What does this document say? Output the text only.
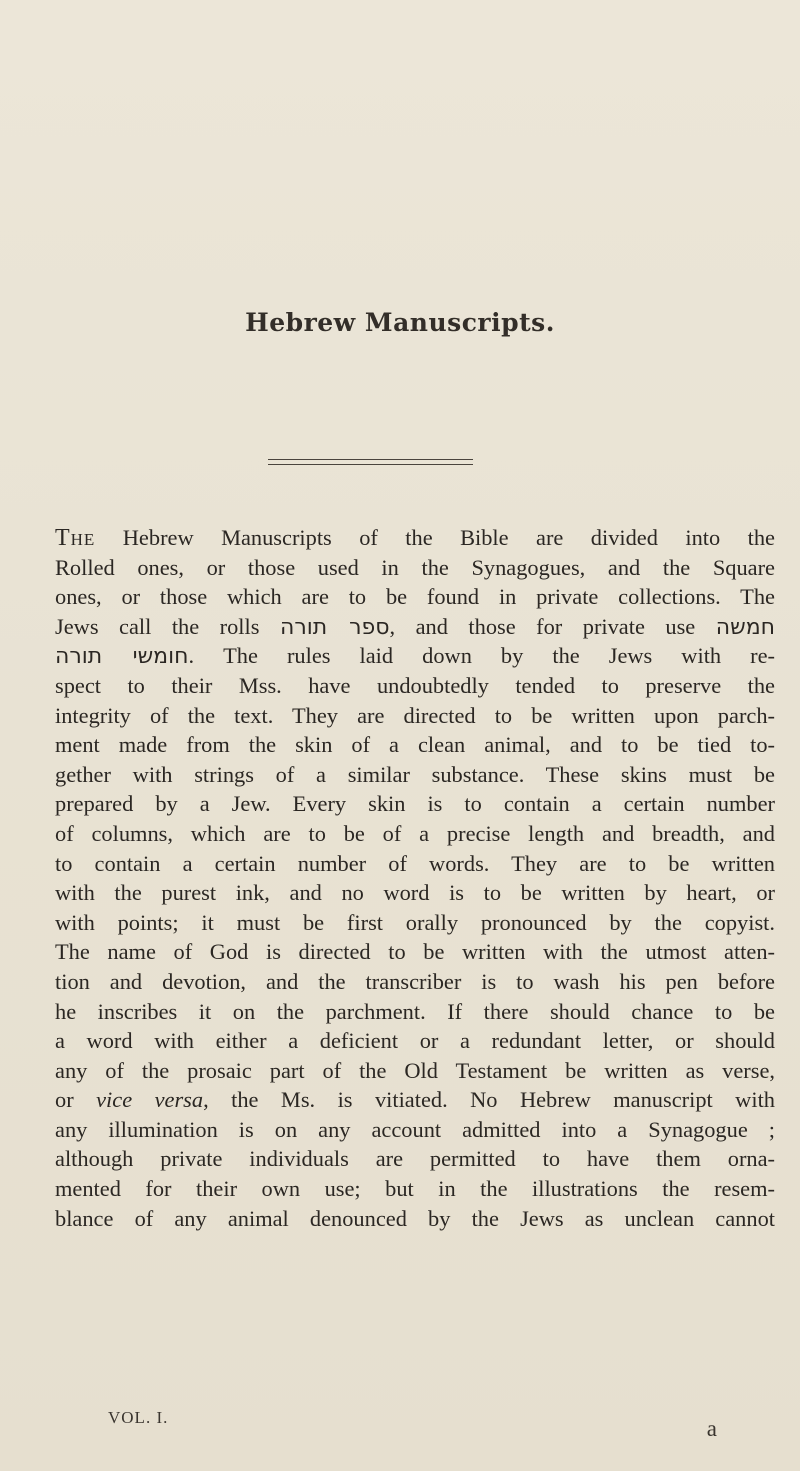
Hebrew Manuscripts.
The Hebrew Manuscripts of the Bible are divided into the
Rolled ones, or those used in the Synagogues, and the Square
ones, or those which are to be found in private collections. The
Jews call the rolls ספר תורה, and those for private use חמשה
חומשי תורה. The rules laid down by the Jews with re-
spect to their Mss. have undoubtedly tended to preserve the
integrity of the text. They are directed to be written upon parch-
ment made from the skin of a clean animal, and to be tied to-
gether with strings of a similar substance. These skins must be
prepared by a Jew. Every skin is to contain a certain number
of columns, which are to be of a precise length and breadth, and
to contain a certain number of words. They are to be written
with the purest ink, and no word is to be written by heart, or
with points; it must be first orally pronounced by the copyist.
The name of God is directed to be written with the utmost atten-
tion and devotion, and the transcriber is to wash his pen before
he inscribes it on the parchment. If there should chance to be
a word with either a deficient or a redundant letter, or should
any of the prosaic part of the Old Testament be written as verse,
or vice versa, the Ms. is vitiated. No Hebrew manuscript with
any illumination is on any account admitted into a Synagogue ;
although private individuals are permitted to have them orna-
mented for their own use; but in the illustrations the resem-
blance of any animal denounced by the Jews as unclean cannot
VOL. I.	a
